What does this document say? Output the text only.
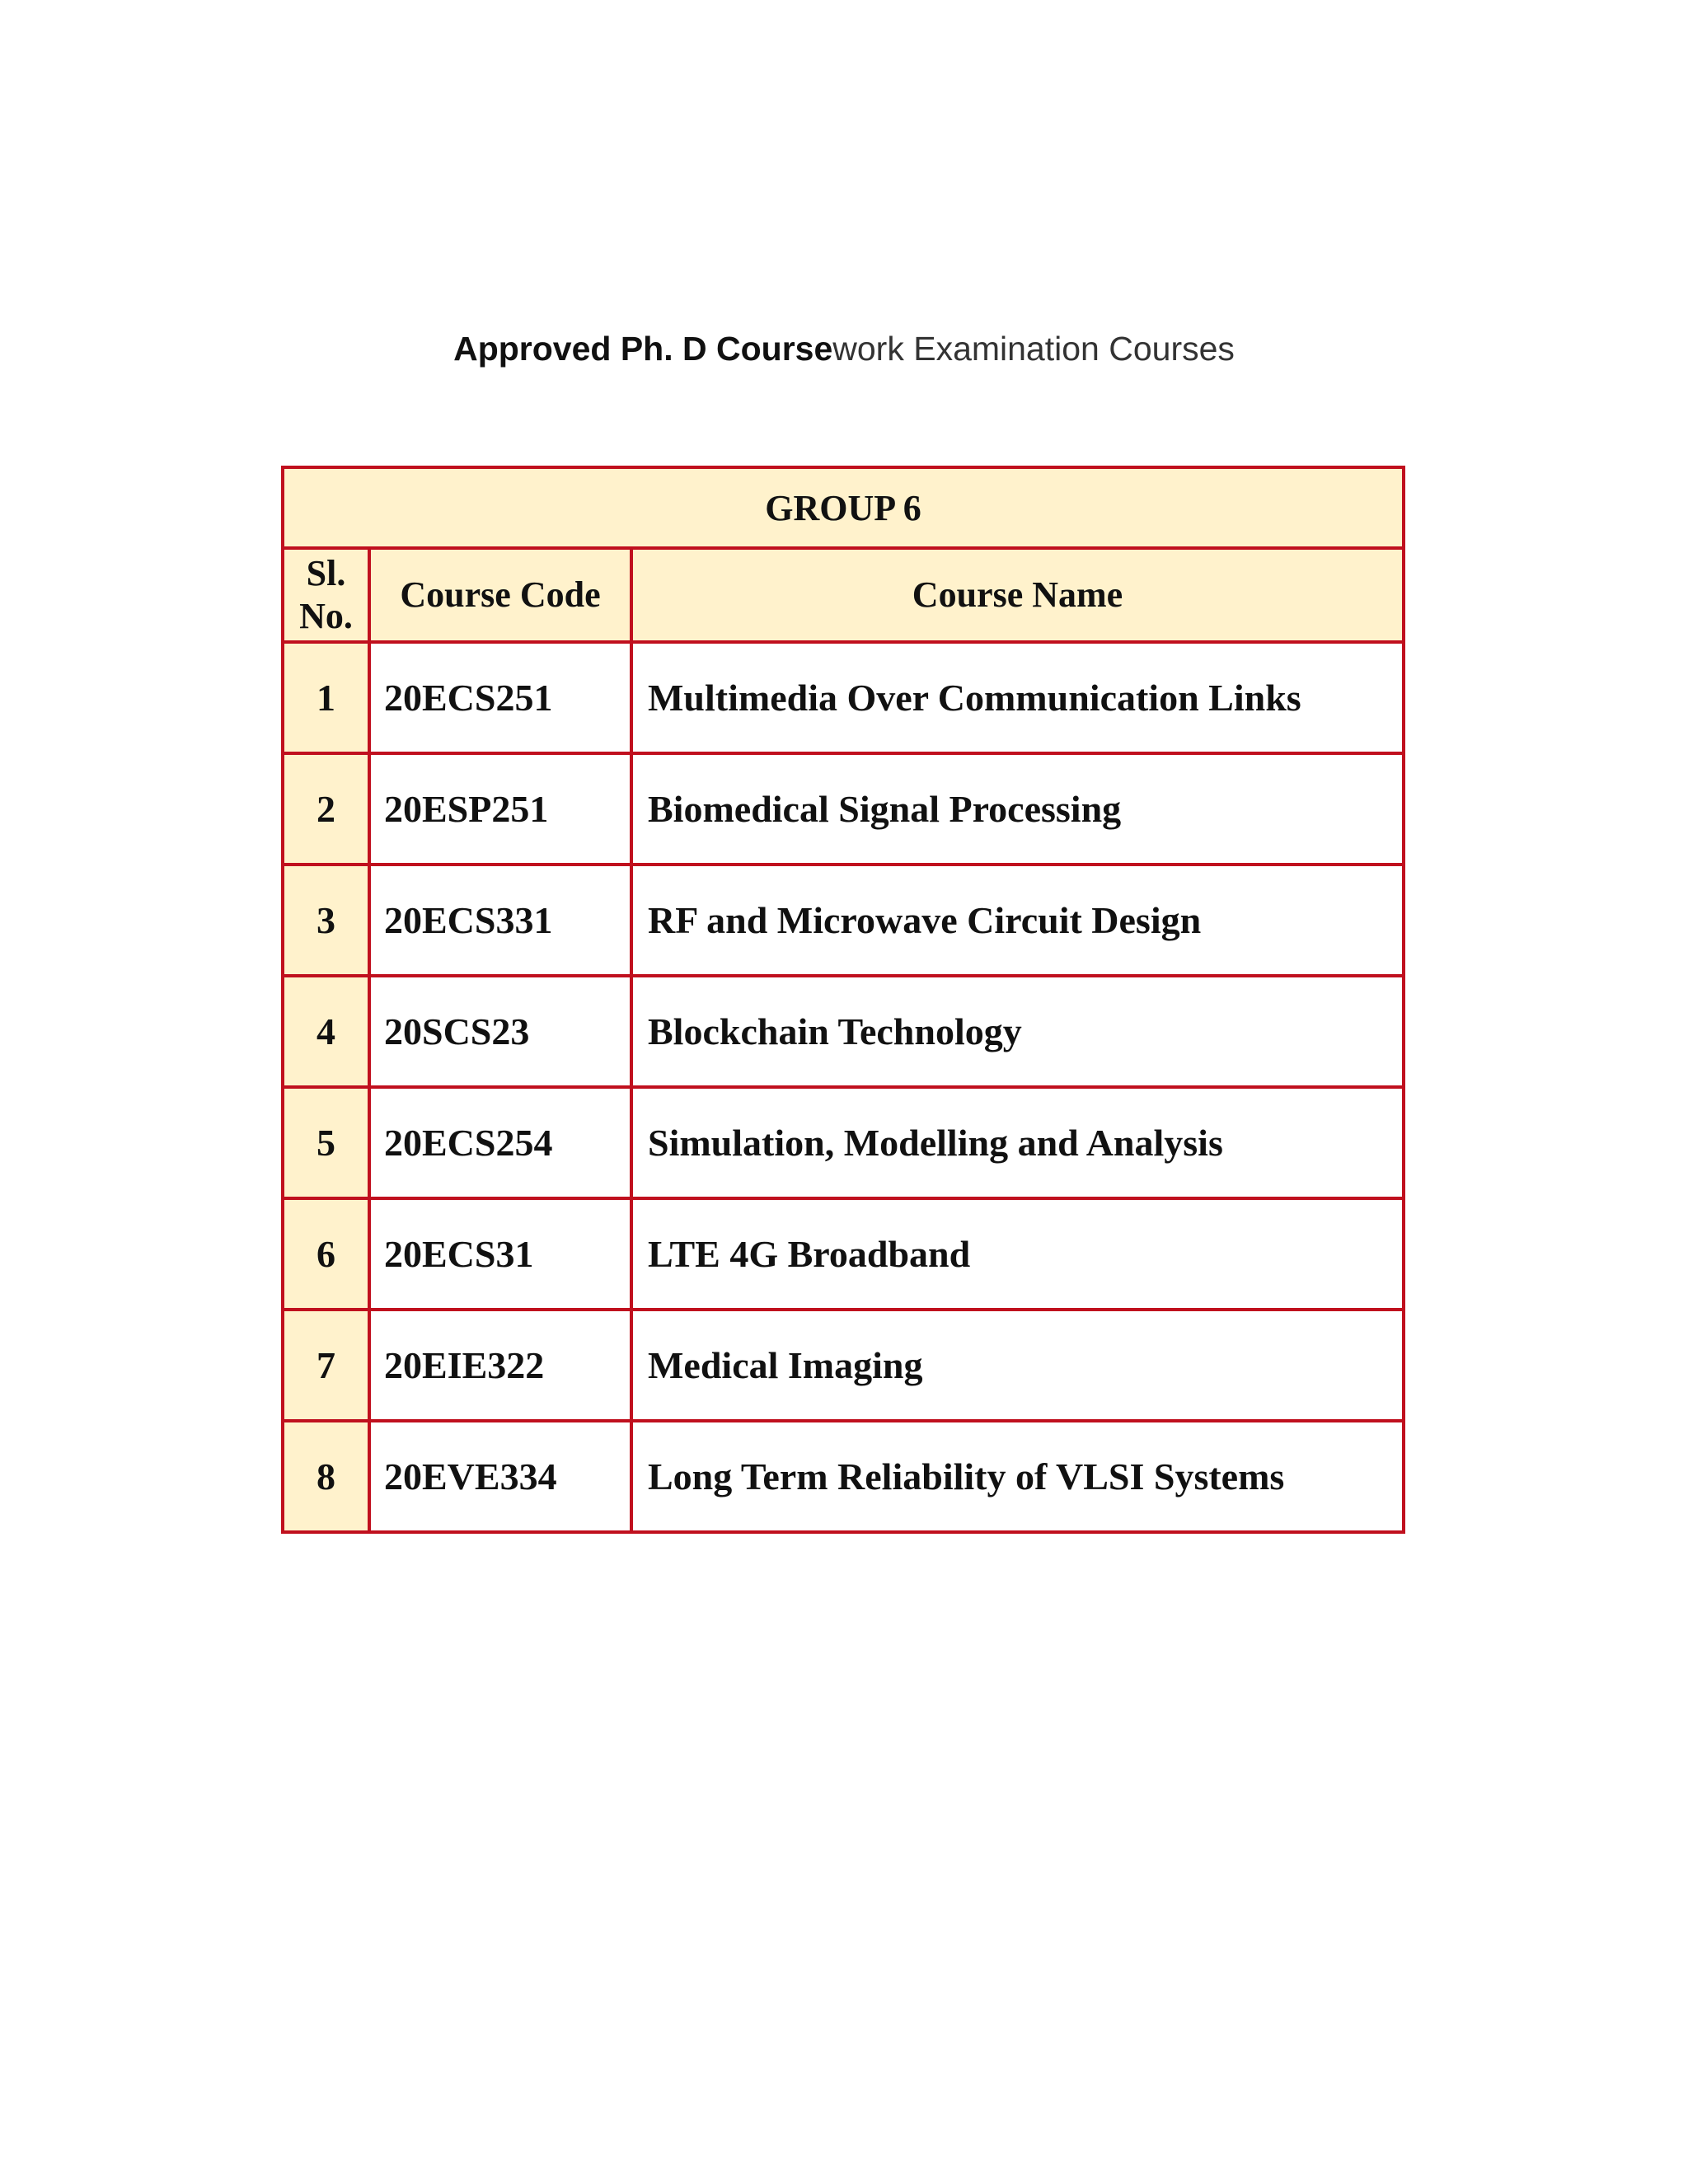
Approved Ph. D Coursework Examination Courses
GROUP 6		
Sl. No.	Course Code	Course Name
1	20ECS251	Multimedia Over Communication Links
2	20ESP251	Biomedical Signal Processing
3	20ECS331	RF and Microwave Circuit Design
4	20SCS23	Blockchain Technology
5	20ECS254	Simulation, Modelling and Analysis
6	20ECS31	LTE 4G Broadband
7	20EIE322	Medical Imaging
8	20EVE334	Long Term Reliability of VLSI Systems
